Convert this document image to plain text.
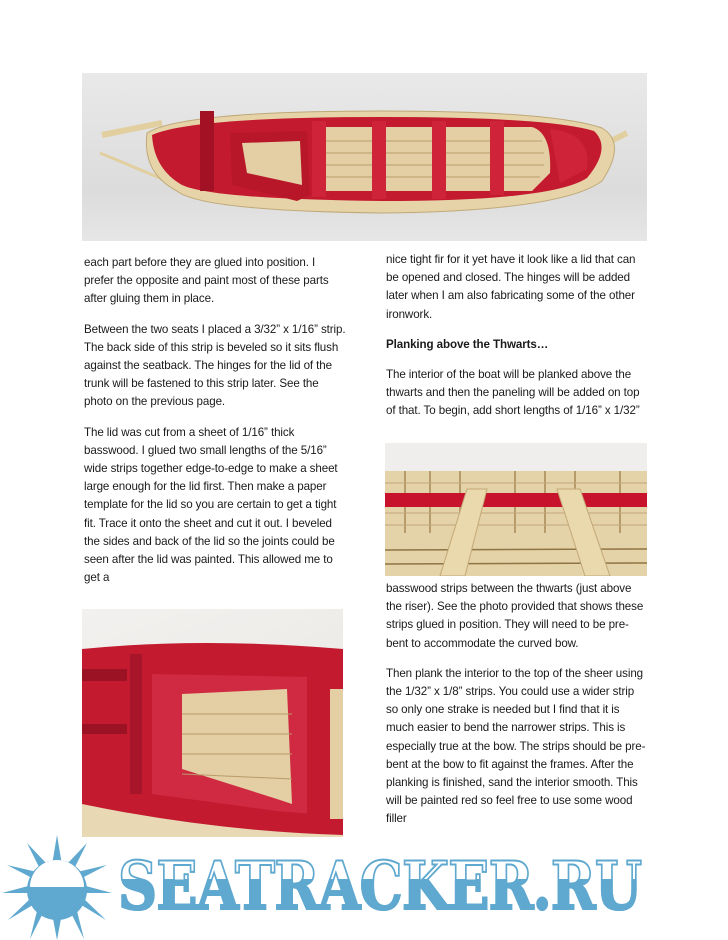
each part before they are glued into position. I prefer the opposite and paint most of these parts after gluing them in place.

Between the two seats I placed a 3/32” x 1/16” strip. The back side of this strip is beveled so it sits flush against the seatback. The hinges for the lid of the trunk will be fastened to this strip later. See the photo on the previous page.

The lid was cut from a sheet of 1/16” thick basswood. I glued two small lengths of the 5/16” wide strips together edge-to-edge to make a sheet large enough for the lid first. Then make a paper template for the lid so you are certain to get a tight fit. Trace it onto the sheet and cut it out. I beveled the sides and back of the lid so the joints could be seen after the lid was painted. This allowed me to get a

nice tight fir for it yet have it look like a lid that can be opened and closed. The hinges will be added later when I am also fabricating some of the other ironwork.

Planking above the Thwarts…

The interior of the boat will be planked above the thwarts and then the paneling will be added on top of that. To begin, add short lengths of 1/16” x 1/32”

basswood strips between the thwarts (just above the riser). See the photo provided that shows these strips glued in position. They will need to be pre-bent to accommodate the curved bow.

Then plank the interior to the top of the sheer using the 1/32” x 1/8” strips. You could use a wider strip so only one strake is needed but I find that it is much easier to bend the narrower strips. This is especially true at the bow. The strips should be pre-bent at the bow to fit against the frames. After the planking is finished, sand the interior smooth. This will be painted red so feel free to use some wood filler

SEATRACKER.RU
